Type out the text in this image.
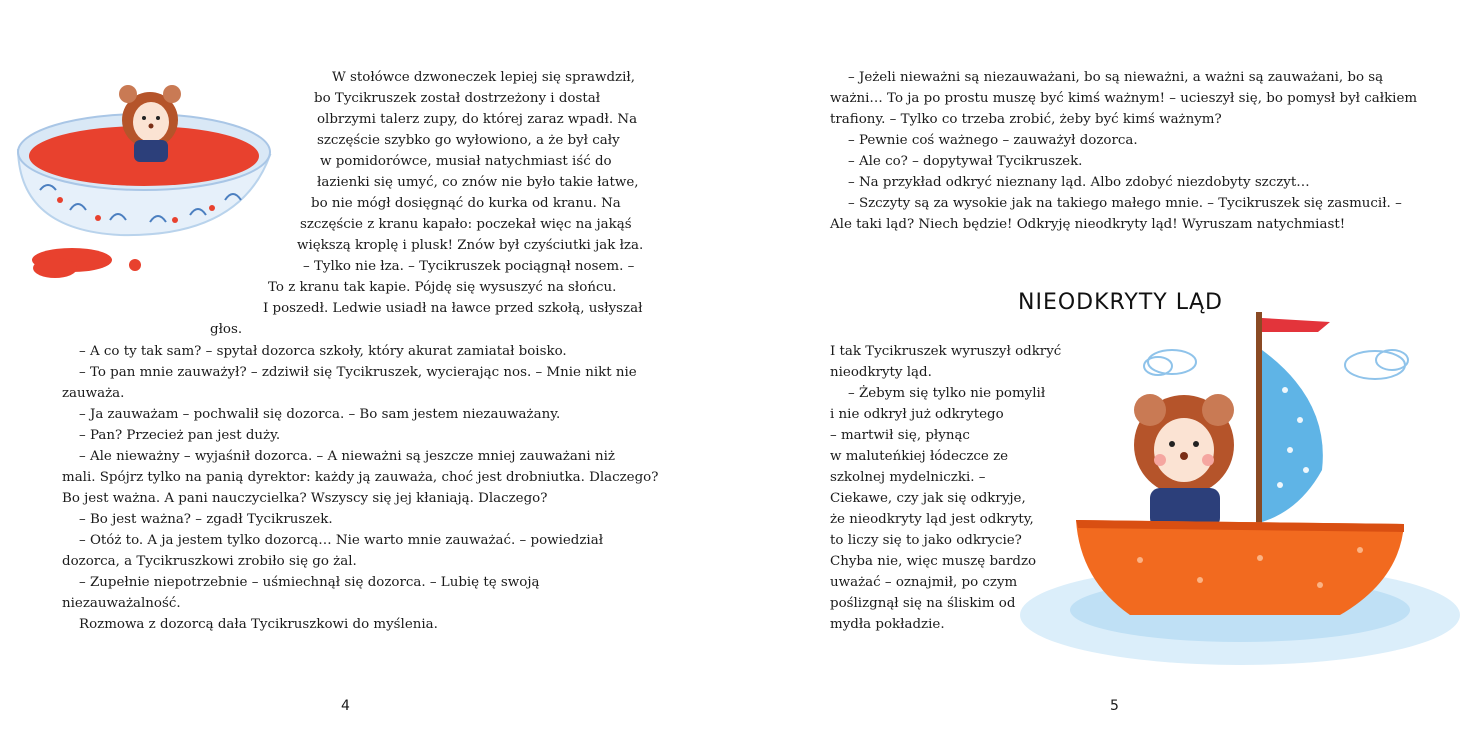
W stołówce dzwoneczek lepiej się sprawdził,
bo Tycikruszek został dostrzeżony i dostał
olbrzymi talerz zupy, do której zaraz wpadł. Na
szczęście szybko go wyłowiono, a że był cały
w pomidorówce, musiał natychmiast iść do
łazienki się umyć, co znów nie było takie łatwe,
bo nie mógł dosięgnąć do kurka od kranu. Na
szczęście z kranu kapało: poczekał więc na jakąś
większą kroplę i plusk! Znów był czyściutki jak łza.
– Tylko nie łza. – Tycikruszek pociągnął nosem. –
To z kranu tak kapie. Pójdę się wysuszyć na słońcu.
I poszedł. Ledwie usiadł na ławce przed szkołą, usłyszał
głos.
– A co ty tak sam? – spytał dozorca szkoły, który akurat zamiatał boisko.
– To pan mnie zauważył? – zdziwił się Tycikruszek, wycierając nos. – Mnie nikt nie
zauważa.
– Ja zauważam – pochwalił się dozorca. – Bo sam jestem niezauważany.
– Pan? Przecież pan jest duży.
– Ale nieważny – wyjaśnił dozorca. – A nieważni są jeszcze mniej zauważani niż
mali. Spójrz tylko na panią dyrektor: każdy ją zauważa, choć jest drobniutka. Dlaczego?
Bo jest ważna. A pani nauczycielka? Wszyscy się jej kłaniają. Dlaczego?
– Bo jest ważna? – zgadł Tycikruszek.
– Otóż to. A ja jestem tylko dozorcą… Nie warto mnie zauważać. – powiedział
dozorca, a Tycikruszkowi zrobiło się go żal.
– Zupełnie niepotrzebnie – uśmiechnął się dozorca. – Lubię tę swoją
niezauważalność.
Rozmowa z dozorcą dała Tycikruszkowi do myślenia.
4
– Jeżeli nieważni są niezauważani, bo są nieważni, a ważni są zauważani, bo są
ważni… To ja po prostu muszę być kimś ważnym! – ucieszył się, bo pomysł był całkiem
trafiony. – Tylko co trzeba zrobić, żeby być kimś ważnym?
– Pewnie coś ważnego – zauważył dozorca.
– Ale co? – dopytywał Tycikruszek.
– Na przykład odkryć nieznany ląd. Albo zdobyć niezdobyty szczyt…
– Szczyty są za wysokie jak na takiego małego mnie. – Tycikruszek się zasmucił. –
Ale taki ląd? Niech będzie! Odkryję nieodkryty ląd! Wyruszam natychmiast!
NIEODKRYTY LĄD
I tak Tycikruszek wyruszył odkryć
nieodkryty ląd.
– Żebym się tylko nie pomylił
i nie odkrył już odkrytego
– martwił się, płynąc
w maluteńkiej łódeczce ze
szkolnej mydelniczki. –
Ciekawe, czy jak się odkryje,
że nieodkryty ląd jest odkryty,
to liczy się to jako odkrycie?
Chyba nie, więc muszę bardzo
uważać – oznajmił, po czym
poślizgnął się na śliskim od
mydła pokładzie.
5
